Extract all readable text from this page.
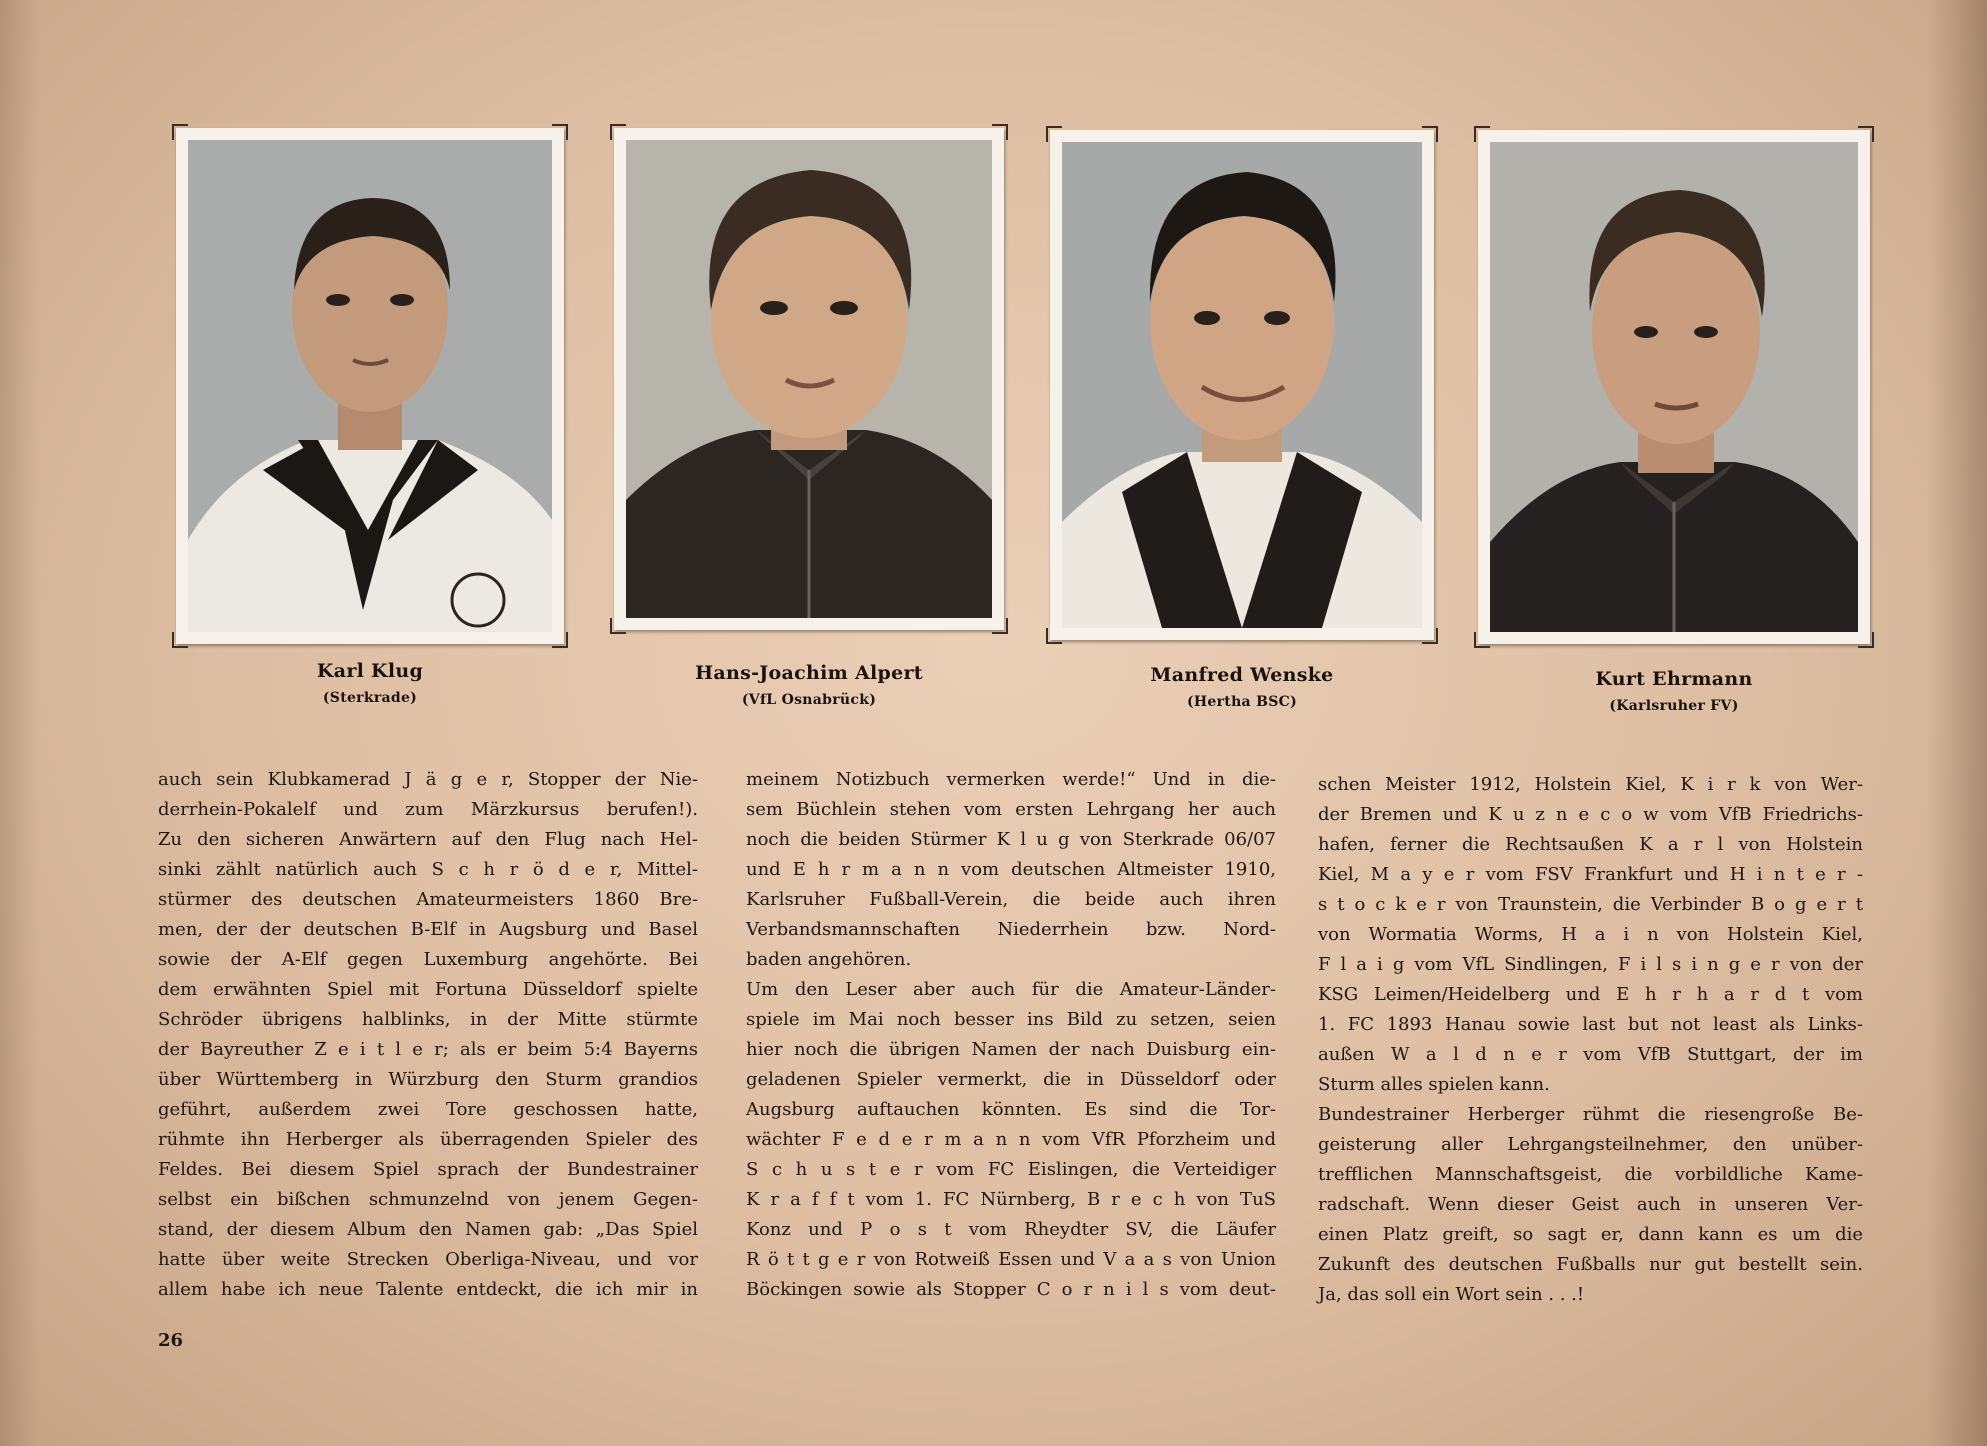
Karl Klug
(Sterkrade)
Hans-Joachim Alpert
(VfL Osnabrück)
Manfred Wenske
(Hertha BSC)
Kurt Ehrmann
(Karlsruher FV)
auch sein Klubkamerad J ä g e r, Stopper der Nie-
derrhein-Pokalelf und zum Märzkursus berufen!).
Zu den sicheren Anwärtern auf den Flug nach Hel-
sinki zählt natürlich auch S c h r ö d e r, Mittel-
stürmer des deutschen Amateurmeisters 1860 Bre-
men, der der deutschen B-Elf in Augsburg und Basel
sowie der A-Elf gegen Luxemburg angehörte. Bei
dem erwähnten Spiel mit Fortuna Düsseldorf spielte
Schröder übrigens halblinks, in der Mitte stürmte
der Bayreuther Z e i t l e r; als er beim 5:4 Bayerns
über Württemberg in Würzburg den Sturm grandios
geführt, außerdem zwei Tore geschossen hatte,
rühmte ihn Herberger als überragenden Spieler des
Feldes. Bei diesem Spiel sprach der Bundestrainer
selbst ein bißchen schmunzelnd von jenem Gegen-
stand, der diesem Album den Namen gab: „Das Spiel
hatte über weite Strecken Oberliga-Niveau, und vor
allem habe ich neue Talente entdeckt, die ich mir in
meinem Notizbuch vermerken werde!“ Und in die-
sem Büchlein stehen vom ersten Lehrgang her auch
noch die beiden Stürmer K l u g von Sterkrade 06/07
und E h r m a n n vom deutschen Altmeister 1910,
Karlsruher Fußball-Verein, die beide auch ihren
Verbandsmannschaften Niederrhein bzw. Nord-
baden angehören.
Um den Leser aber auch für die Amateur-Länder-
spiele im Mai noch besser ins Bild zu setzen, seien
hier noch die übrigen Namen der nach Duisburg ein-
geladenen Spieler vermerkt, die in Düsseldorf oder
Augsburg auftauchen könnten. Es sind die Tor-
wächter F e d e r m a n n vom VfR Pforzheim und
S c h u s t e r vom FC Eislingen, die Verteidiger
K r a f f t vom 1. FC Nürnberg, B r e c h von TuS
Konz und P o s t vom Rheydter SV, die Läufer
R ö t t g e r von Rotweiß Essen und V a a s von Union
Böckingen sowie als Stopper C o r n i l s vom deut-
schen Meister 1912, Holstein Kiel, K i r k von Wer-
der Bremen und K u z n e c o w vom VfB Friedrichs-
hafen, ferner die Rechtsaußen K a r l von Holstein
Kiel, M a y e r vom FSV Frankfurt und H i n t e r -
s t o c k e r von Traunstein, die Verbinder B o g e r t
von Wormatia Worms, H a i n von Holstein Kiel,
F l a i g vom VfL Sindlingen, F i l s i n g e r von der
KSG Leimen/Heidelberg und E h r h a r d t vom
1. FC 1893 Hanau sowie last but not least als Links-
außen W a l d n e r vom VfB Stuttgart, der im
Sturm alles spielen kann.
Bundestrainer Herberger rühmt die riesengroße Be-
geisterung aller Lehrgangsteilnehmer, den unüber-
trefflichen Mannschaftsgeist, die vorbildliche Kame-
radschaft. Wenn dieser Geist auch in unseren Ver-
einen Platz greift, so sagt er, dann kann es um die
Zukunft des deutschen Fußballs nur gut bestellt sein.
Ja, das soll ein Wort sein . . .!
26
